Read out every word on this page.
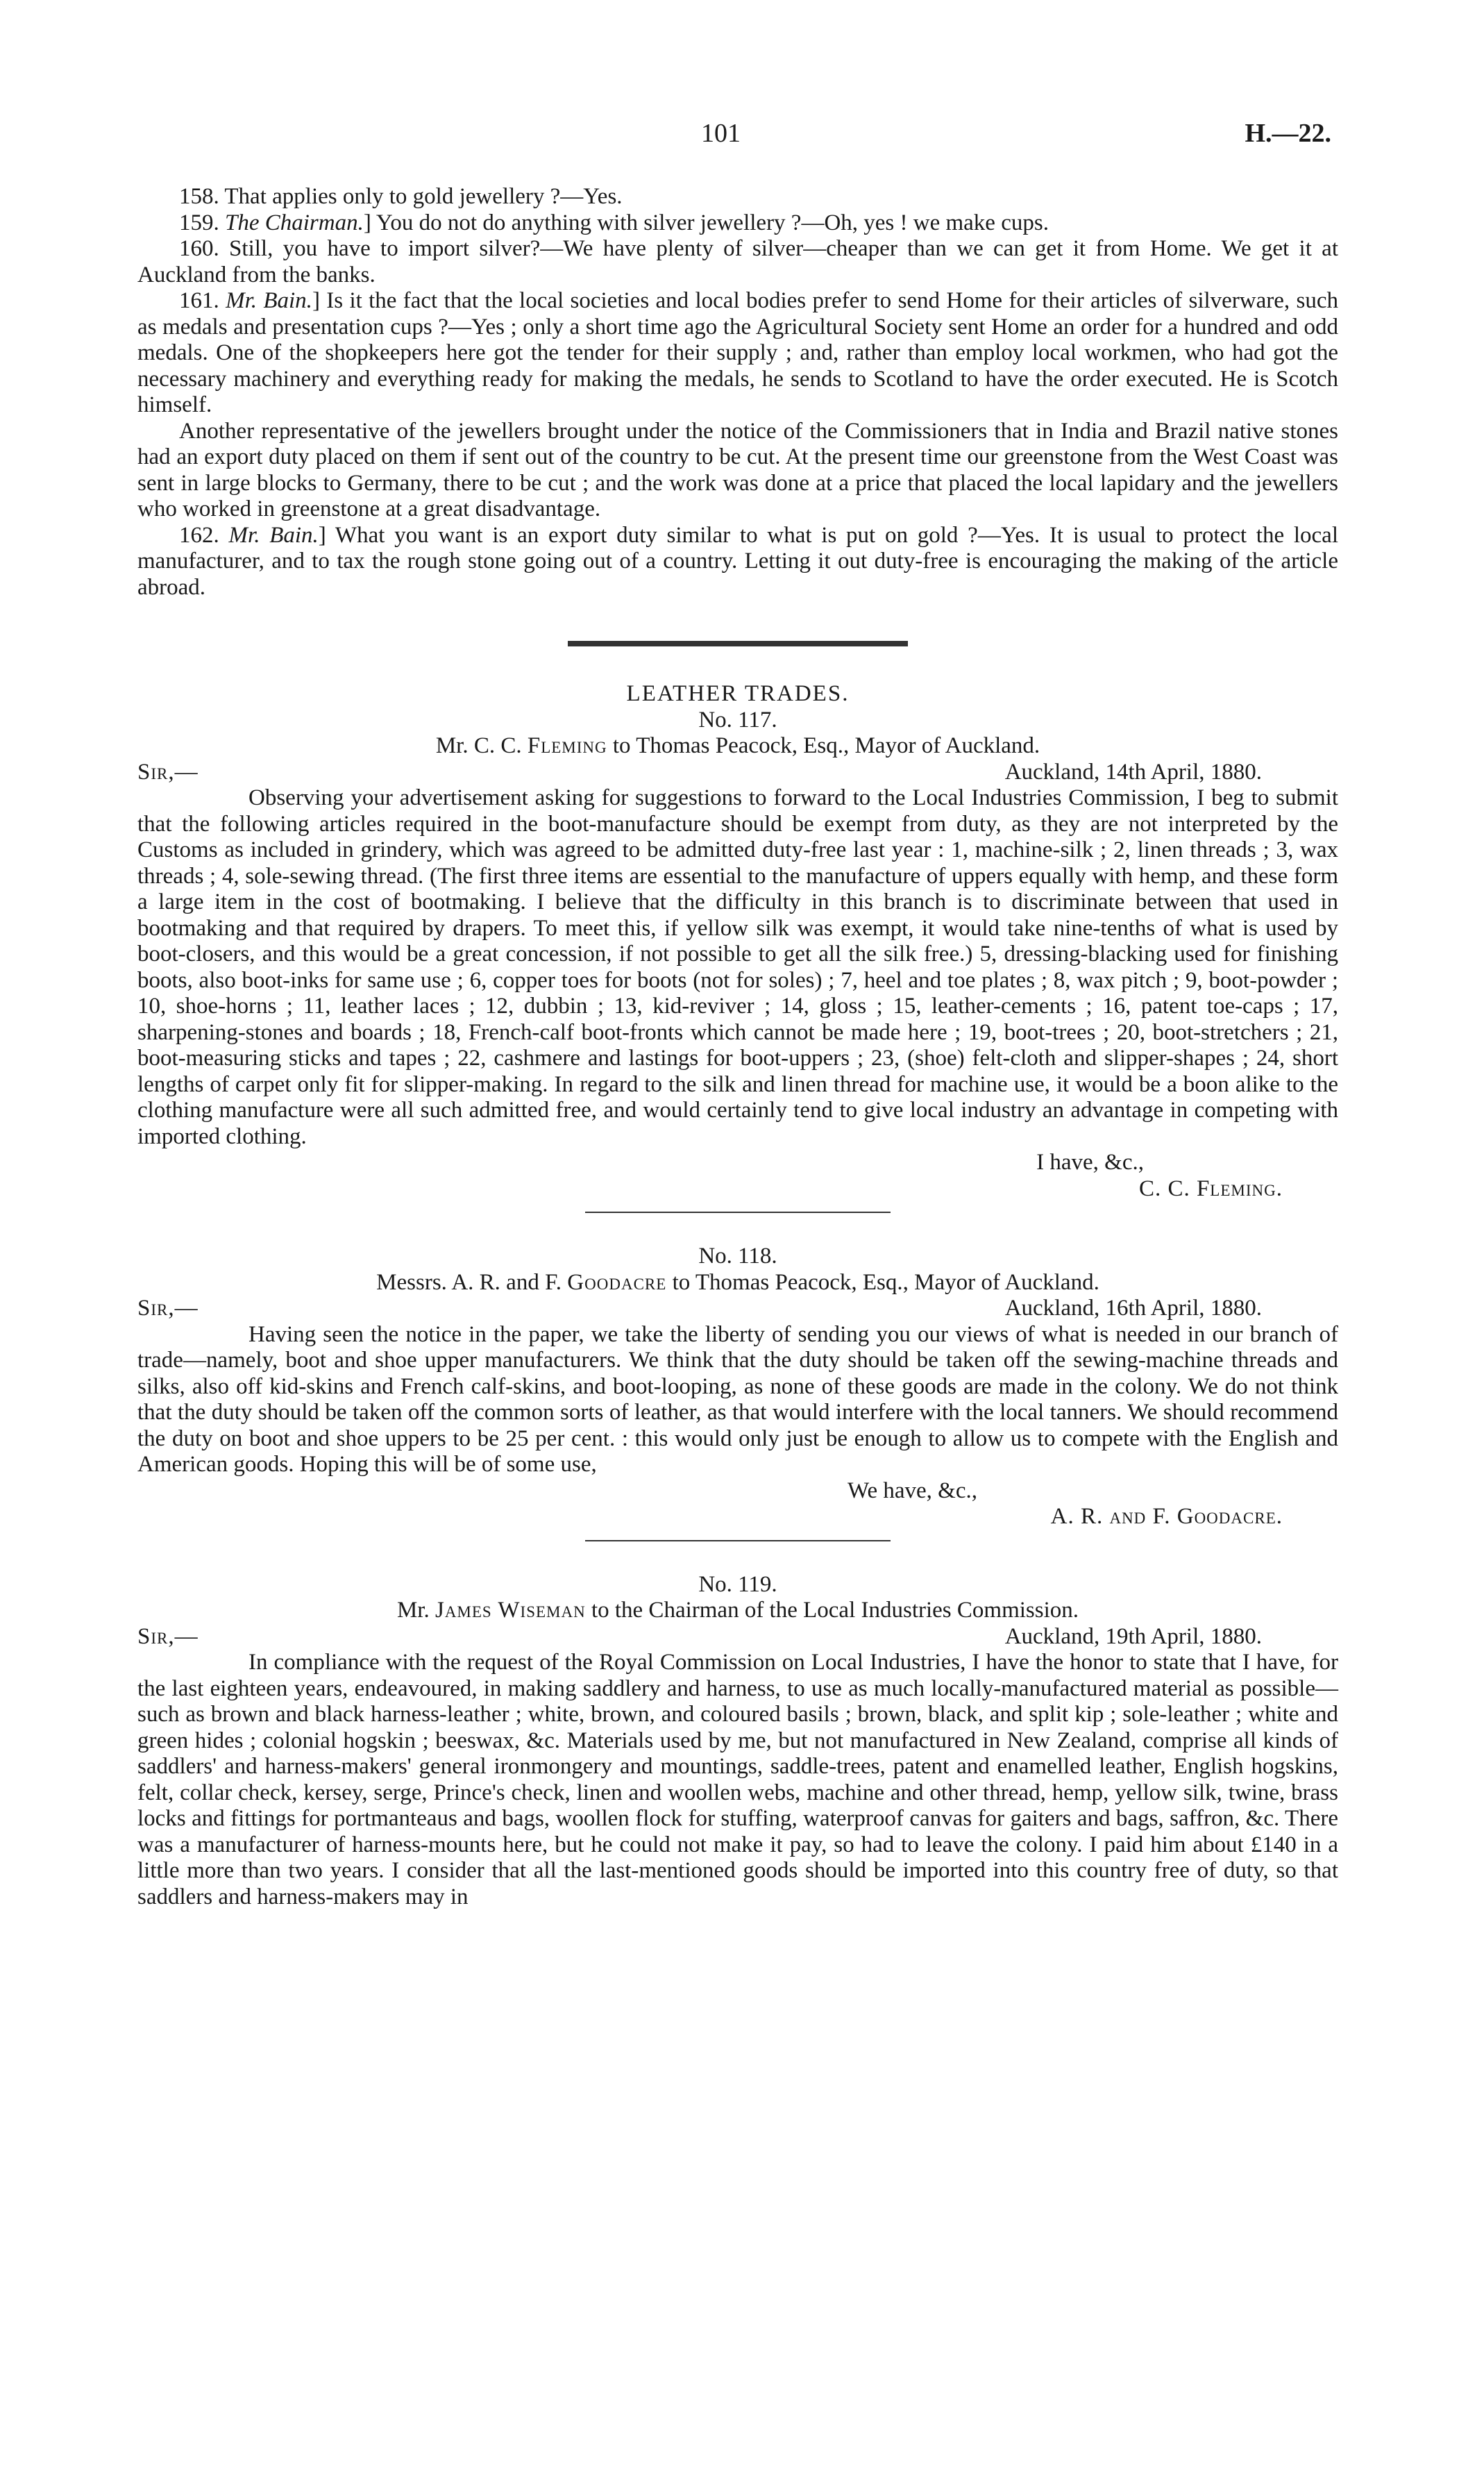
101	H.—22.

158. That applies only to gold jewellery ?—Yes.

159. The Chairman.] You do not do anything with silver jewellery ?—Oh, yes ! we make cups.

160. Still, you have to import silver?—We have plenty of silver—cheaper than we can get it from Home. We get it at Auckland from the banks.

161. Mr. Bain.] Is it the fact that the local societies and local bodies prefer to send Home for their articles of silverware, such as medals and presentation cups ?—Yes ; only a short time ago the Agricultural Society sent Home an order for a hundred and odd medals. One of the shopkeepers here got the tender for their supply ; and, rather than employ local workmen, who had got the necessary machinery and everything ready for making the medals, he sends to Scotland to have the order executed. He is Scotch himself.

Another representative of the jewellers brought under the notice of the Commissioners that in India and Brazil native stones had an export duty placed on them if sent out of the country to be cut. At the present time our greenstone from the West Coast was sent in large blocks to Germany, there to be cut ; and the work was done at a price that placed the local lapidary and the jewellers who worked in greenstone at a great disadvantage.

162. Mr. Bain.] What you want is an export duty similar to what is put on gold ?—Yes. It is usual to protect the local manufacturer, and to tax the rough stone going out of a country. Letting it out duty-free is encouraging the making of the article abroad.

LEATHER TRADES.

No. 117.

Mr. C. C. Fleming to Thomas Peacock, Esq., Mayor of Auckland.

Sir,—	Auckland, 14th April, 1880.

Observing your advertisement asking for suggestions to forward to the Local Industries Commission, I beg to submit that the following articles required in the boot-manufacture should be exempt from duty, as they are not interpreted by the Customs as included in grindery, which was agreed to be admitted duty-free last year : 1, machine-silk ; 2, linen threads ; 3, wax threads ; 4, sole-sewing thread. (The first three items are essential to the manufacture of uppers equally with hemp, and these form a large item in the cost of bootmaking. I believe that the difficulty in this branch is to discriminate between that used in bootmaking and that required by drapers. To meet this, if yellow silk was exempt, it would take nine-tenths of what is used by boot-closers, and this would be a great concession, if not possible to get all the silk free.) 5, dressing-blacking used for finishing boots, also boot-inks for same use ; 6, copper toes for boots (not for soles) ; 7, heel and toe plates ; 8, wax pitch ; 9, boot-powder ; 10, shoe-horns ; 11, leather laces ; 12, dubbin ; 13, kid-reviver ; 14, gloss ; 15, leather-cements ; 16, patent toe-caps ; 17, sharpening-stones and boards ; 18, French-calf boot-fronts which cannot be made here ; 19, boot-trees ; 20, boot-stretchers ; 21, boot-measuring sticks and tapes ; 22, cashmere and lastings for boot-uppers ; 23, (shoe) felt-cloth and slipper-shapes ; 24, short lengths of carpet only fit for slipper-making. In regard to the silk and linen thread for machine use, it would be a boon alike to the clothing manufacture were all such admitted free, and would certainly tend to give local industry an advantage in competing with imported clothing.

I have, &c.,

C. C. Fleming.

No. 118.

Messrs. A. R. and F. Goodacre to Thomas Peacock, Esq., Mayor of Auckland.

Sir,—	Auckland, 16th April, 1880.

Having seen the notice in the paper, we take the liberty of sending you our views of what is needed in our branch of trade—namely, boot and shoe upper manufacturers. We think that the duty should be taken off the sewing-machine threads and silks, also off kid-skins and French calf-skins, and boot-looping, as none of these goods are made in the colony. We do not think that the duty should be taken off the common sorts of leather, as that would interfere with the local tanners. We should recommend the duty on boot and shoe uppers to be 25 per cent. : this would only just be enough to allow us to compete with the English and American goods. Hoping this will be of some use,

We have, &c.,

A. R. and F. Goodacre.

No. 119.

Mr. James Wiseman to the Chairman of the Local Industries Commission.

Sir,—	Auckland, 19th April, 1880.

In compliance with the request of the Royal Commission on Local Industries, I have the honor to state that I have, for the last eighteen years, endeavoured, in making saddlery and harness, to use as much locally-manufactured material as possible—such as brown and black harness-leather ; white, brown, and coloured basils ; brown, black, and split kip ; sole-leather ; white and green hides ; colonial hogskin ; beeswax, &c. Materials used by me, but not manufactured in New Zealand, comprise all kinds of saddlers' and harness-makers' general ironmongery and mountings, saddle-trees, patent and enamelled leather, English hogskins, felt, collar check, kersey, serge, Prince's check, linen and woollen webs, machine and other thread, hemp, yellow silk, twine, brass locks and fittings for portmanteaus and bags, woollen flock for stuffing, waterproof canvas for gaiters and bags, saffron, &c. There was a manufacturer of harness-mounts here, but he could not make it pay, so had to leave the colony. I paid him about £140 in a little more than two years. I consider that all the last-mentioned goods should be imported into this country free of duty, so that saddlers and harness-makers may in
